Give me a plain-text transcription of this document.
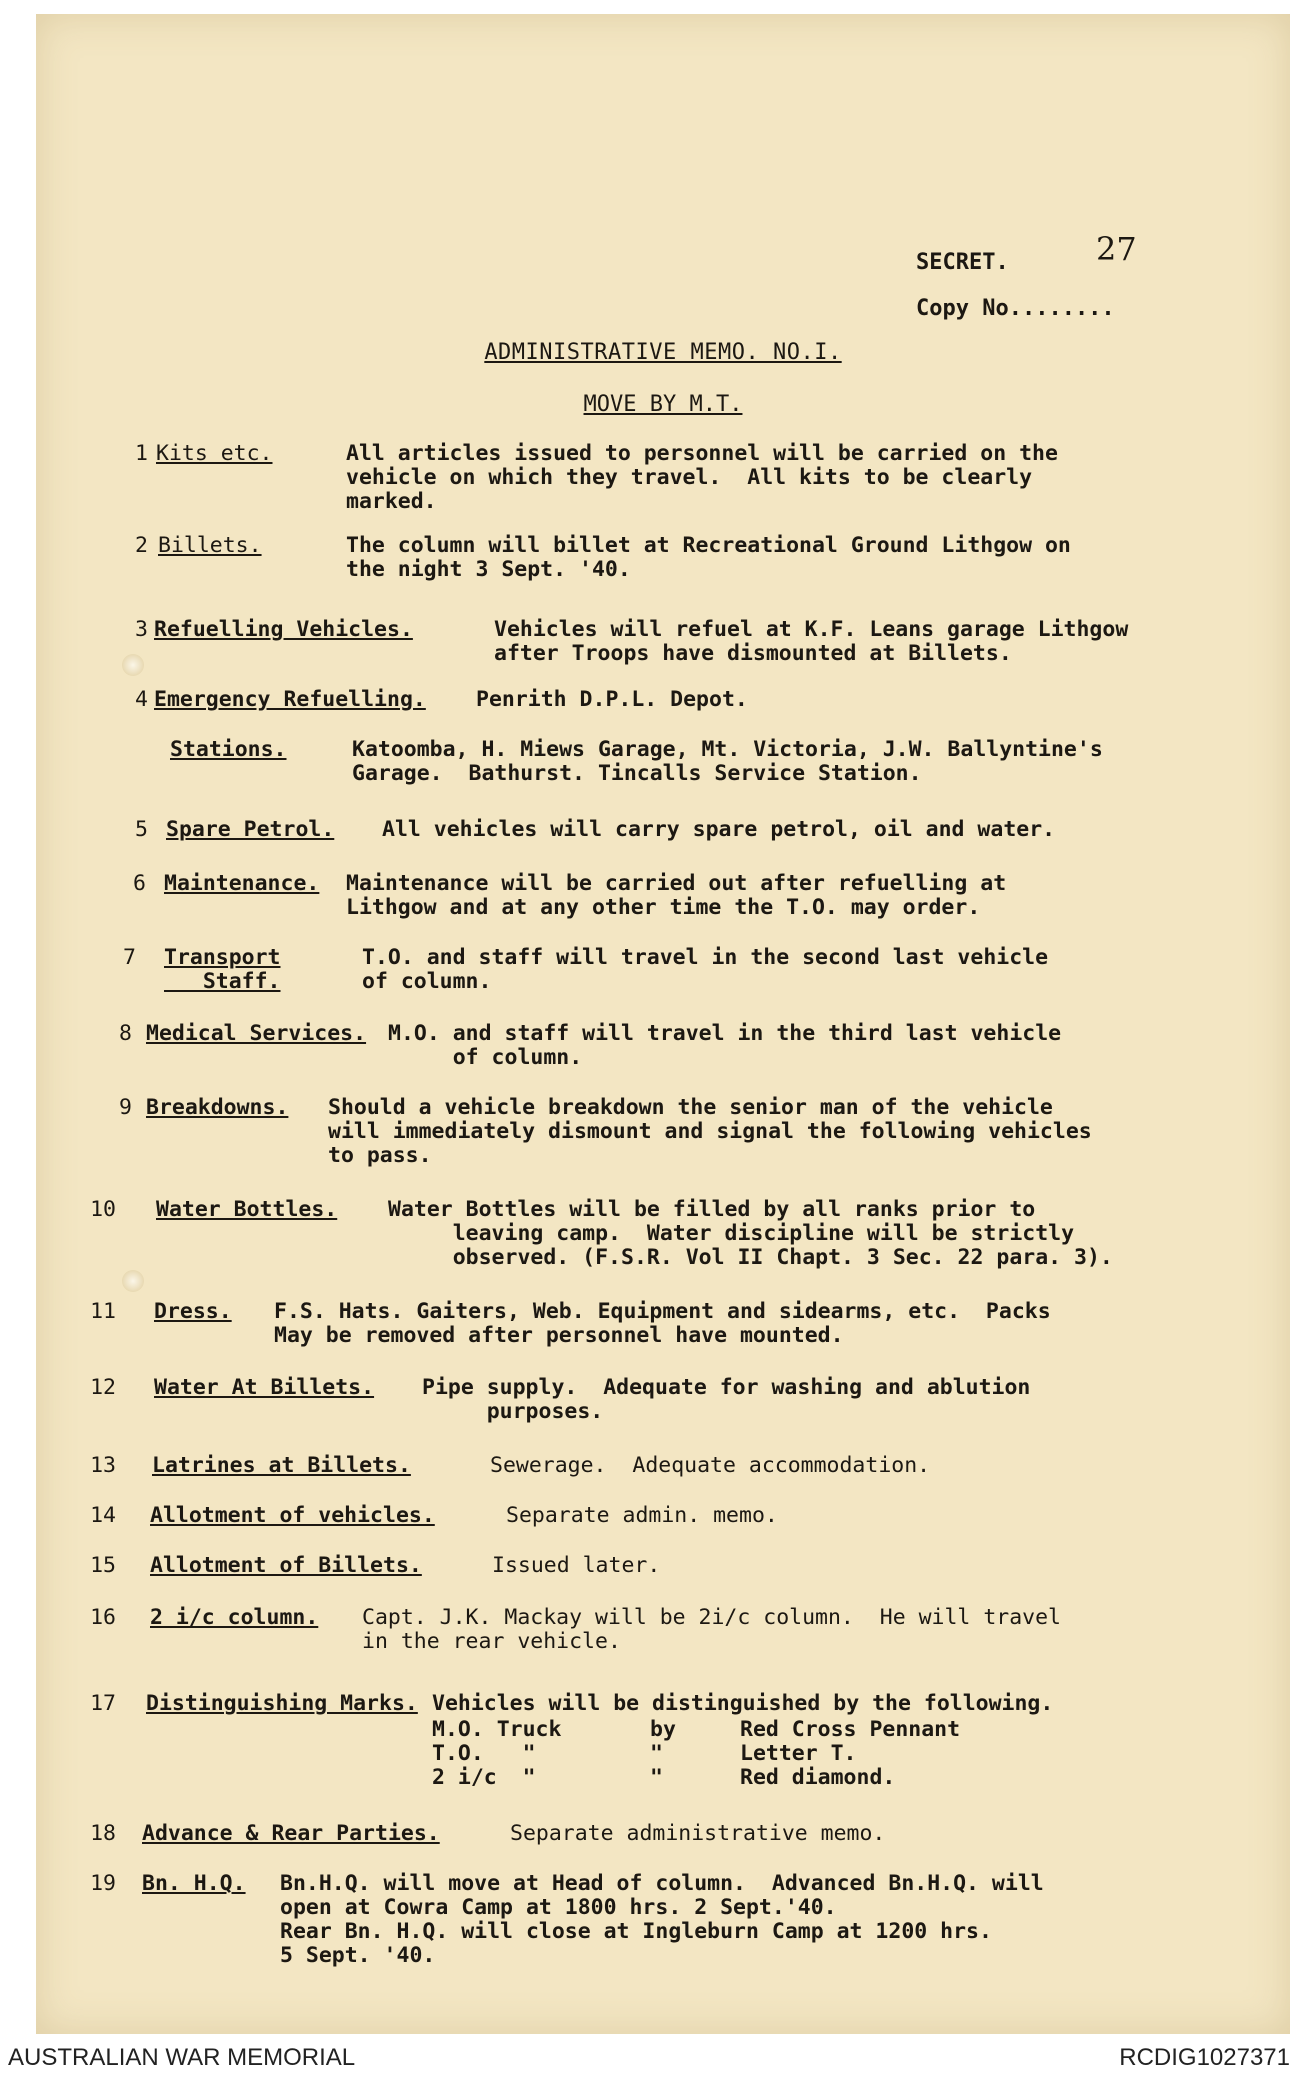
SECRET.
Copy No........
27
ADMINISTRATIVE MEMO. NO.I.
MOVE BY M.T.
1 Kits etc.	All articles issued to personnel will be carried on the
vehicle on which they travel.  All kits to be clearly
marked.
2 Billets.	The column will billet at Recreational Ground Lithgow on
the night 3 Sept. '40.
3 Refuelling Vehicles.	Vehicles will refuel at K.F. Leans garage Lithgow
after Troops have dismounted at Billets.
4 Emergency Refuelling. Penrith D.P.L. Depot.
Stations.	Katoomba, H. Miews Garage, Mt. Victoria, J.W. Ballyntine's
Garage.  Bathurst. Tincalls Service Station.
5 Spare Petrol. All vehicles will carry spare petrol, oil and water.
6 Maintenance. Maintenance will be carried out after refuelling at
Lithgow and at any other time the T.O. may order.
7 Transport
Staff.
T.O. and staff will travel in the second last vehicle
of column.
8 Medical Services. M.O. and staff will travel in the third last vehicle
of column.
9 Breakdowns. Should a vehicle breakdown the senior man of the vehicle
will immediately dismount and signal the following vehicles
to pass.
10 Water Bottles. Water Bottles will be filled by all ranks prior to
leaving camp.  Water discipline will be strictly
observed. (F.S.R. Vol II Chapt. 3 Sec. 22 para. 3).
11 Dress. F.S. Hats. Gaiters, Web. Equipment and sidearms, etc.  Packs
May be removed after personnel have mounted.
12 Water At Billets. Pipe supply.  Adequate for washing and ablution
purposes.
13 Latrines at Billets.	Sewerage.  Adequate accommodation.
14 Allotment of vehicles.	Separate admin. memo.
15 Allotment of Billets.	Issued later.
16 2 i/c column. Capt. J.K. Mackay will be 2i/c column.  He will travel
in the rear vehicle.
17 Distinguishing Marks. Vehicles will be distinguished by the following.
M.O. Truck	by	Red Cross Pennant
T.O.   "	"	Letter T.
2 i/c  "	"	Red diamond.
18 Advance & Rear Parties.	Separate administrative memo.
19 Bn. H.Q. Bn.H.Q. will move at Head of column.  Advanced Bn.H.Q. will
open at Cowra Camp at 1800 hrs. 2 Sept.'40.
Rear Bn. H.Q. will close at Ingleburn Camp at 1200 hrs.
5 Sept. '40.
AUSTRALIAN WAR MEMORIAL	RCDIG1027371
